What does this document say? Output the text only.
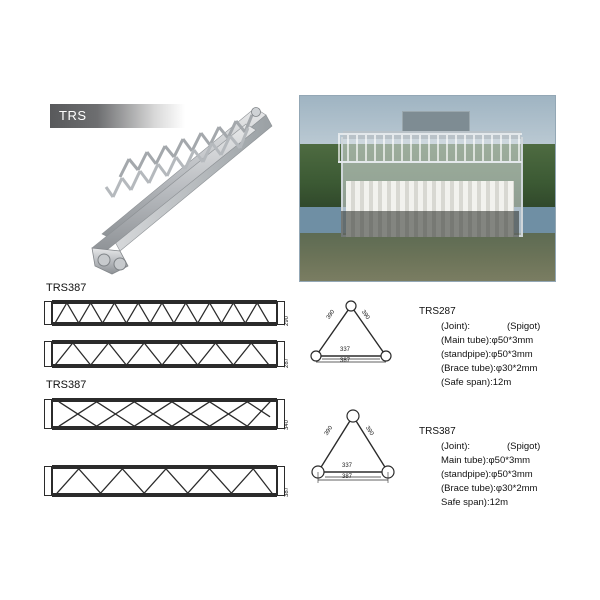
TRS
TRS387
290
287
390	390
337
387
TRS387
340
387
390	390
337
387
TRS287
(Joint):              (Spigot)
(Main tube):φ50*3mm
(standpipe):φ50*3mm
(Brace tube):φ30*2mm
(Safe span):12m
TRS387
(Joint):              (Spigot)
Main tube):φ50*3mm
(standpipe):φ50*3mm
(Brace tube):φ30*2mm
Safe span):12m
